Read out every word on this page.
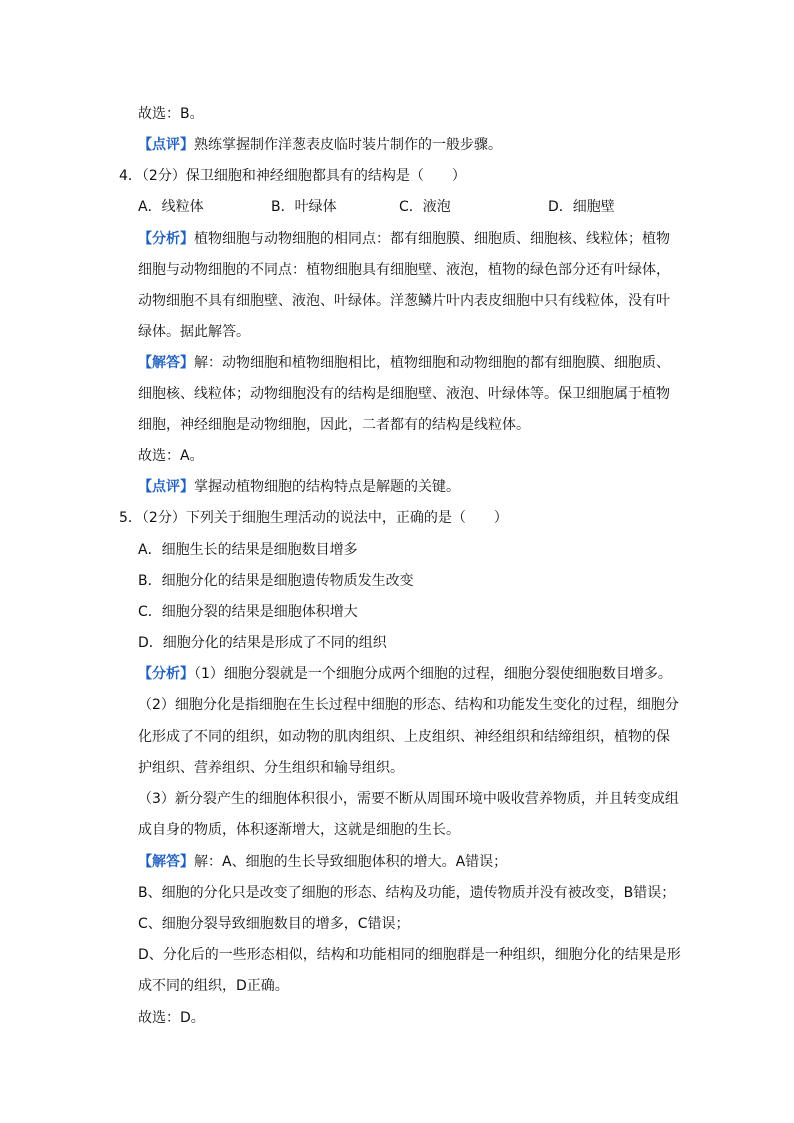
故选：B。
【点评】熟练掌握制作洋葱表皮临时装片制作的一般步骤。
4．（2分）保卫细胞和神经细胞都具有的结构是（　　）
A．线粒体	B．叶绿体	C．液泡	D．细胞壁
【分析】植物细胞与动物细胞的相同点：都有细胞膜、细胞质、细胞核、线粒体；植物
细胞与动物细胞的不同点：植物细胞具有细胞壁、液泡，植物的绿色部分还有叶绿体，
动物细胞不具有细胞壁、液泡、叶绿体。洋葱鳞片叶内表皮细胞中只有线粒体，没有叶
绿体。据此解答。
【解答】解：动物细胞和植物细胞相比，植物细胞和动物细胞的都有细胞膜、细胞质、
细胞核、线粒体；动物细胞没有的结构是细胞壁、液泡、叶绿体等。保卫细胞属于植物
细胞，神经细胞是动物细胞，因此，二者都有的结构是线粒体。
故选：A。
【点评】掌握动植物细胞的结构特点是解题的关键。
5．（2分）下列关于细胞生理活动的说法中，正确的是（　　）
A．细胞生长的结果是细胞数目增多
B．细胞分化的结果是细胞遗传物质发生改变
C．细胞分裂的结果是细胞体积增大
D．细胞分化的结果是形成了不同的组织
【分析】（1）细胞分裂就是一个细胞分成两个细胞的过程，细胞分裂使细胞数目增多。
（2）细胞分化是指细胞在生长过程中细胞的形态、结构和功能发生变化的过程，细胞分
化形成了不同的组织，如动物的肌肉组织、上皮组织、神经组织和结缔组织，植物的保
护组织、营养组织、分生组织和输导组织。
（3）新分裂产生的细胞体积很小，需要不断从周围环境中吸收营养物质，并且转变成组
成自身的物质，体积逐渐增大，这就是细胞的生长。
【解答】解：A、细胞的生长导致细胞体积的增大。A错误；
B、细胞的分化只是改变了细胞的形态、结构及功能，遗传物质并没有被改变，B错误；
C、细胞分裂导致细胞数目的增多，C错误；
D、分化后的一些形态相似，结构和功能相同的细胞群是一种组织，细胞分化的结果是形
成不同的组织，D正确。
故选：D。
